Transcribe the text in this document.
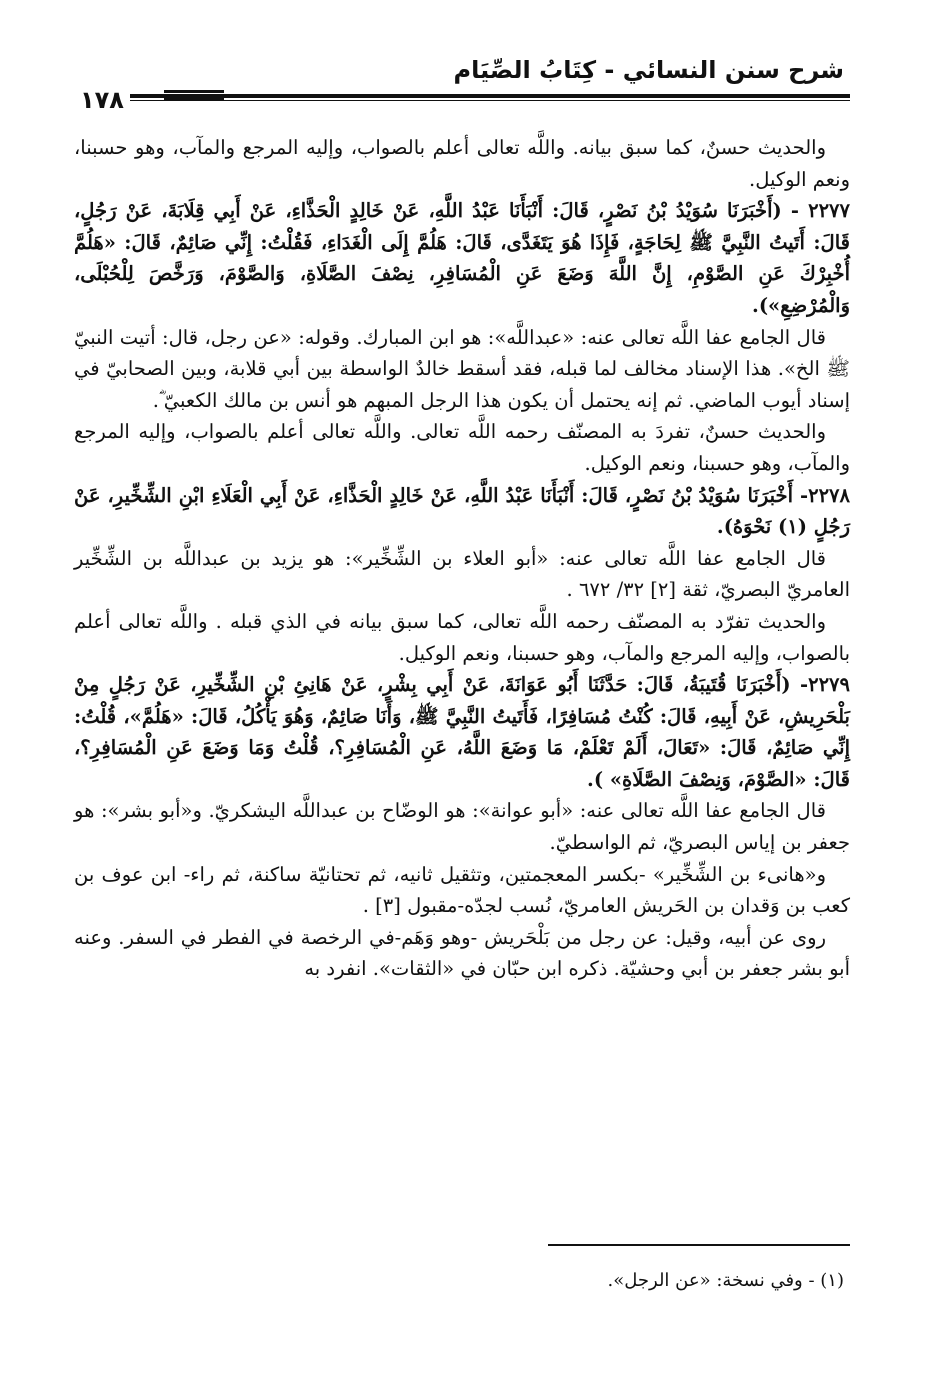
شرح سنن النسائي - كِتَابُ الصِّيَام
١٧٨

والحديث حسنٌ، كما سبق بيانه. واللَّه تعالى أعلم بالصواب، وإليه المرجع والمآب، وهو حسبنا، ونعم الوكيل.

٢٢٧٧ - (أَخْبَرَنَا سُوَيْدُ بْنُ نَصْرٍ، قَالَ: أَنْبَأَنَا عَبْدُ اللَّهِ، عَنْ خَالِدٍ الْحَذَّاءِ، عَنْ أَبِي قِلَابَةَ، عَنْ رَجُلٍ، قَالَ: أَتَيتُ النَّبِيَّ ﷺ لِحَاجَةٍ، فَإِذَا هُوَ يَتَغَدَّى، قَالَ: هَلُمَّ إِلَى الْغَدَاءِ، فَقُلْتُ: إِنِّي صَائِمٌ، قَالَ: «هَلُمَّ أُخْبِرْكَ عَنِ الصَّوْمِ، إِنَّ اللَّهَ وَضَعَ عَنِ الْمُسَافِرِ، نِصْفَ الصَّلَاةِ، وَالصَّوْمَ، وَرَخَّصَ لِلْحُبْلَى، وَالْمُرْضِعِ»).

قال الجامع عفا اللَّه تعالى عنه: «عبداللَّه»: هو ابن المبارك. وقوله: «عن رجل، قال: أتيت النبيّ ﷺ الخ». هذا الإسناد مخالف لما قبله، فقد أسقط خالدٌ الواسطة بين أبي قلابة، وبين الصحابيّ في إسناد أيوب الماضي. ثم إنه يحتمل أن يكون هذا الرجل المبهم هو أنس بن مالك الكعبيّ ؓ.

والحديث حسنٌ، تفردَ به المصنّف رحمه اللَّه تعالى. واللَّه تعالى أعلم بالصواب، وإليه المرجع والمآب، وهو حسبنا، ونعم الوكيل.

٢٢٧٨- أَخْبَرَنَا سُوَيْدُ بْنُ نَصْرٍ، قَالَ: أَنْبَأَنَا عَبْدُ اللَّهِ، عَنْ خَالِدٍ الْحَذَّاءِ، عَنْ أَبِي الْعَلَاءِ ابْنِ الشِّخِّيرِ، عَنْ رَجُلٍ (١) نَحْوَهُ).

قال الجامع عفا اللَّه تعالى عنه: «أبو العلاء بن الشِّخِّير»: هو يزيد بن عبداللَّه بن الشِّخِّير العامريّ البصريّ، ثقة [٢] ٣٢/ ٦٧٢ .

والحديث تفرّد به المصنّف رحمه اللَّه تعالى، كما سبق بيانه في الذي قبله . واللَّه تعالى أعلم بالصواب، وإليه المرجع والمآب، وهو حسبنا، ونعم الوكيل.

٢٢٧٩- (أَخْبَرَنَا قُتَيبَةُ، قَالَ: حَدَّثَنَا أَبُو عَوَانَةَ، عَنْ أَبِي بِشْرٍ، عَنْ هَانِئِ بْنِ الشِّخِّيرِ، عَنْ رَجُلٍ مِنْ بَلْحَرِيشِ، عَنْ أَبِيهِ، قَالَ: كُنْتُ مُسَافِرًا، فَأَتَيتُ النَّبِيَّ ﷺ، وَأَنَا صَائِمٌ، وَهُوَ يَأْكُلُ، قَالَ: «هَلُمَّ»، قُلْتُ: إِنِّي صَائِمٌ، قَالَ: «تَعَالَ، أَلَمْ تَعْلَمْ، مَا وَضَعَ اللَّهُ، عَنِ الْمُسَافِرِ؟، قُلْتُ وَمَا وَضَعَ عَنِ الْمُسَافِرِ؟، قَالَ: «الصَّوْمَ، وَنِصْفَ الصَّلَاةِ» ).

قال الجامع عفا اللَّه تعالى عنه: «أبو عوانة»: هو الوضّاح بن عبداللَّه اليشكريّ. و«أبو بشر»: هو جعفر بن إياس البصريّ، ثم الواسطيّ.

و«هانىء بن الشِّخِّير» -بكسر المعجمتين، وتثقيل ثانيه، ثم تحتانيّة ساكنة، ثم راء- ابن عوف بن كعب بن وَقدان بن الحَريش العامريّ، نُسب لجدّه-مقبول [٣] .

روى عن أبيه، وقيل: عن رجل من بَلْحَريش -وهو وَهَم-في الرخصة في الفطر في السفر. وعنه أبو بشر جعفر بن أبي وحشيّة. ذكره ابن حبّان في «الثقات». انفرد به

(١) - وفي نسخة: «عن الرجل».
